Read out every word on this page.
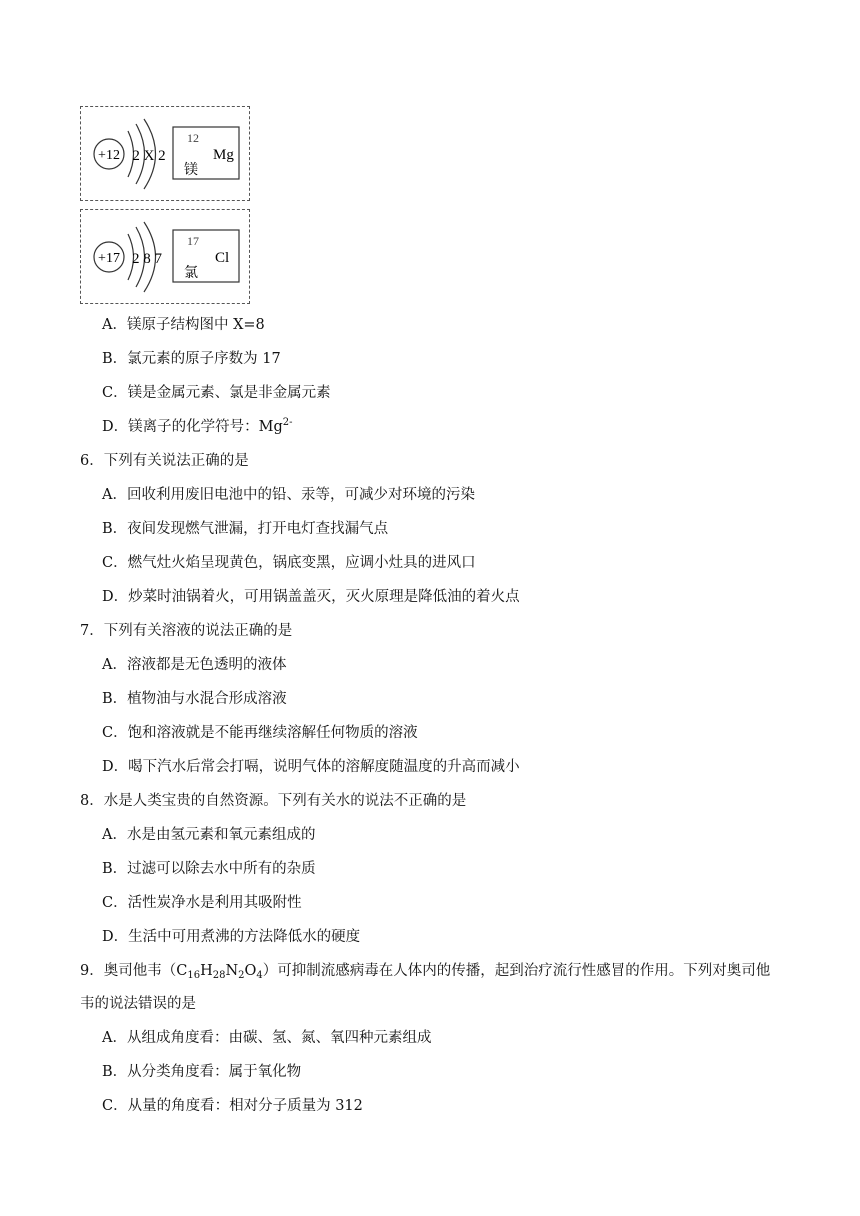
+12 2 X 2
12
Mg
镁
+17 2 8 7
17
Cl
氯
A．镁原子结构图中 X=8
B．氯元素的原子序数为 17
C．镁是金属元素、氯是非金属元素
D．镁离子的化学符号：$Mg^{2-}$
6．下列有关说法正确的是
A．回收利用废旧电池中的铅、汞等，可减少对环境的污染
B．夜间发现燃气泄漏，打开电灯查找漏气点
C．燃气灶火焰呈现黄色，锅底变黑，应调小灶具的进风口
D．炒菜时油锅着火，可用锅盖盖灭，灭火原理是降低油的着火点
7．下列有关溶液的说法正确的是
A．溶液都是无色透明的液体
B．植物油与水混合形成溶液
C．饱和溶液就是不能再继续溶解任何物质的溶液
D．喝下汽水后常会打嗝，说明气体的溶解度随温度的升高而减小
8．水是人类宝贵的自然资源。下列有关水的说法不正确的是
A．水是由氢元素和氧元素组成的
B．过滤可以除去水中所有的杂质
C．活性炭净水是利用其吸附性
D．生活中可用煮沸的方法降低水的硬度
9．奥司他韦$(C_{16}H_{28}N_2O_4)$可抑制流感病毒在人体内的传播，起到治疗流行性感冒的作用。下列对奥司他
韦的说法错误的是
A．从组成角度看：由碳、氢、氮、氧四种元素组成
B．从分类角度看：属于氧化物
C．从量的角度看：相对分子质量为 312
